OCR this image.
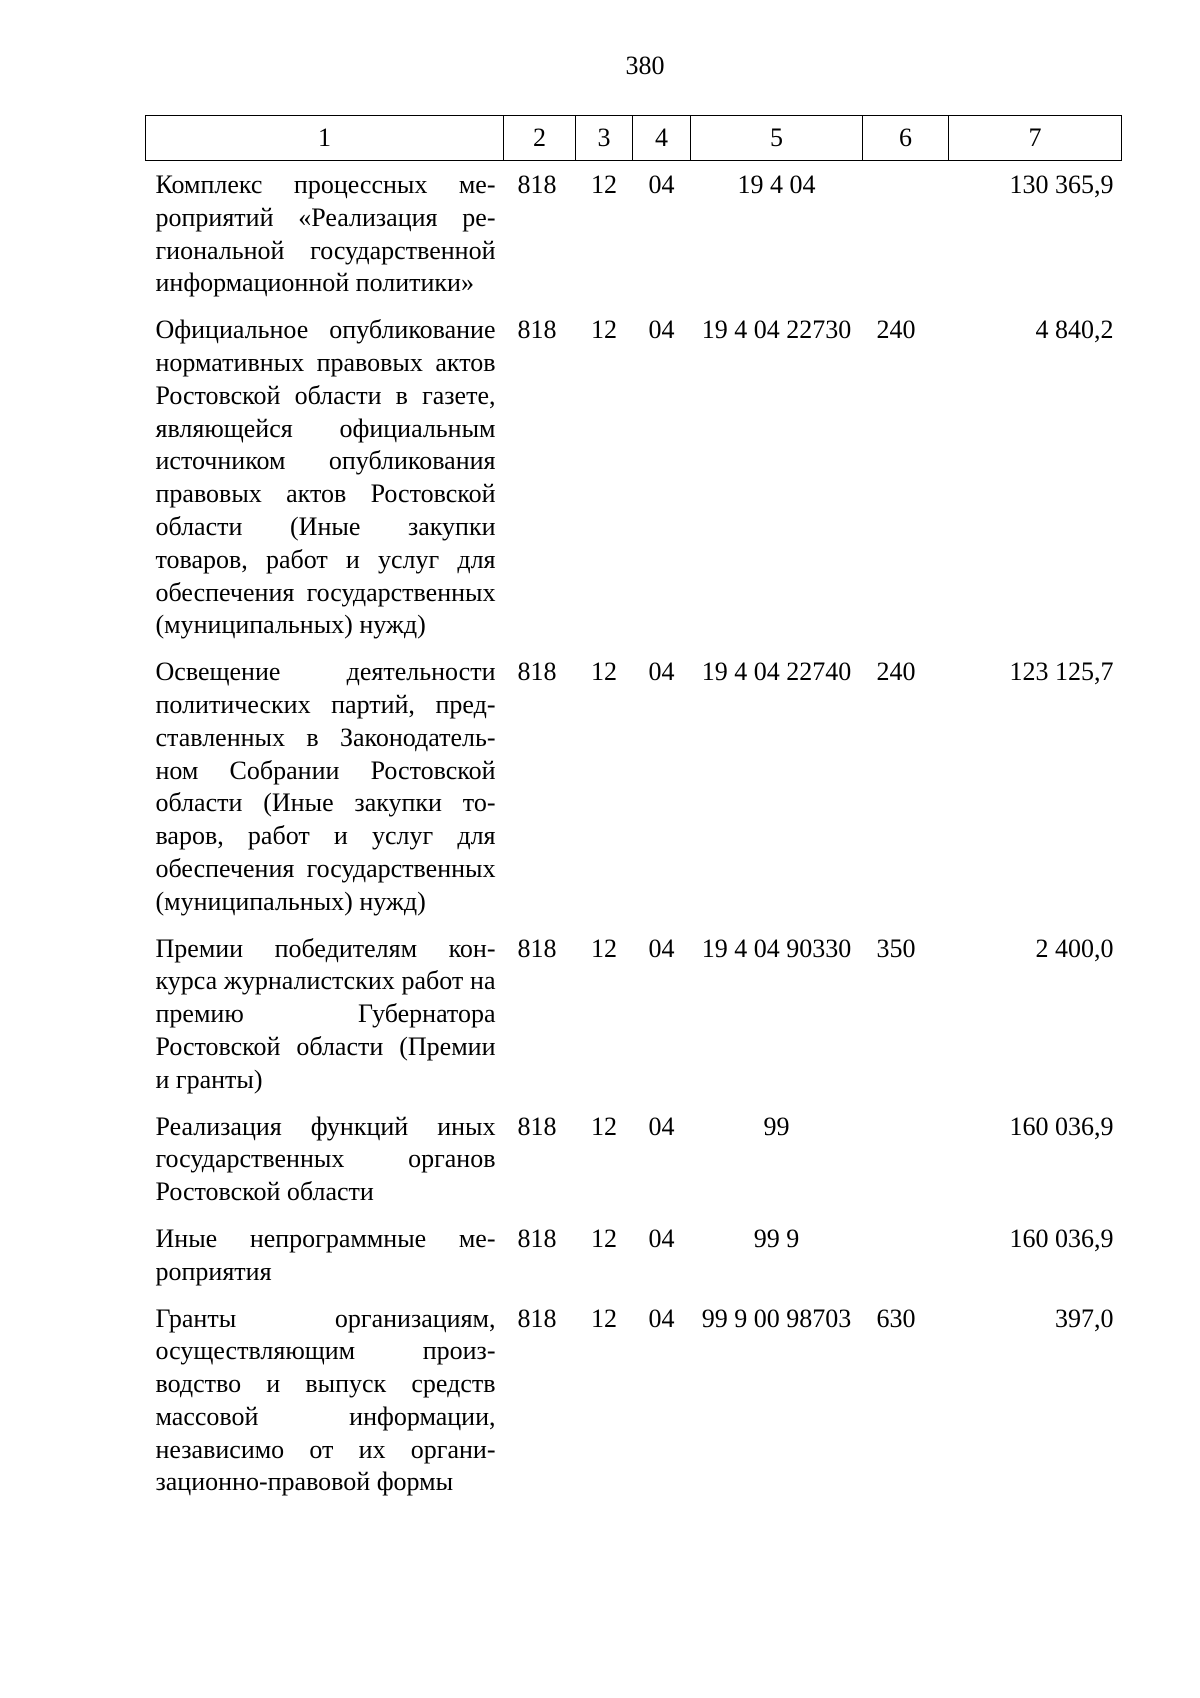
380
1	2	3	4	5	6	7
Комплекс процессных мероприятий «Реализация региональной государственной информационной политики»	818	12	04	19 4 04		130 365,9
Официальное опубликование нормативных правовых актов Ростовской области в газете, являющейся официальным источником опубликования правовых актов Ростовской области (Иные закупки товаров, работ и услуг для обеспечения государственных (муниципальных) нужд)	818	12	04	19 4 04 22730	240	4 840,2
Освещение деятельности политических партий, представленных в Законодательном Собрании Ростовской области (Иные закупки товаров, работ и услуг для обеспечения государственных (муниципальных) нужд)	818	12	04	19 4 04 22740	240	123 125,7
Премии победителям конкурса журналистских работ на премию Губернатора Ростовской области (Премии и гранты)	818	12	04	19 4 04 90330	350	2 400,0
Реализация функций иных государственных органов Ростовской области	818	12	04	99		160 036,9
Иные непрограммные мероприятия	818	12	04	99 9		160 036,9
Гранты организациям, осуществляющим производство и выпуск средств массовой информации, независимо от их организационно-правовой формы	818	12	04	99 9 00 98703	630	397,0
